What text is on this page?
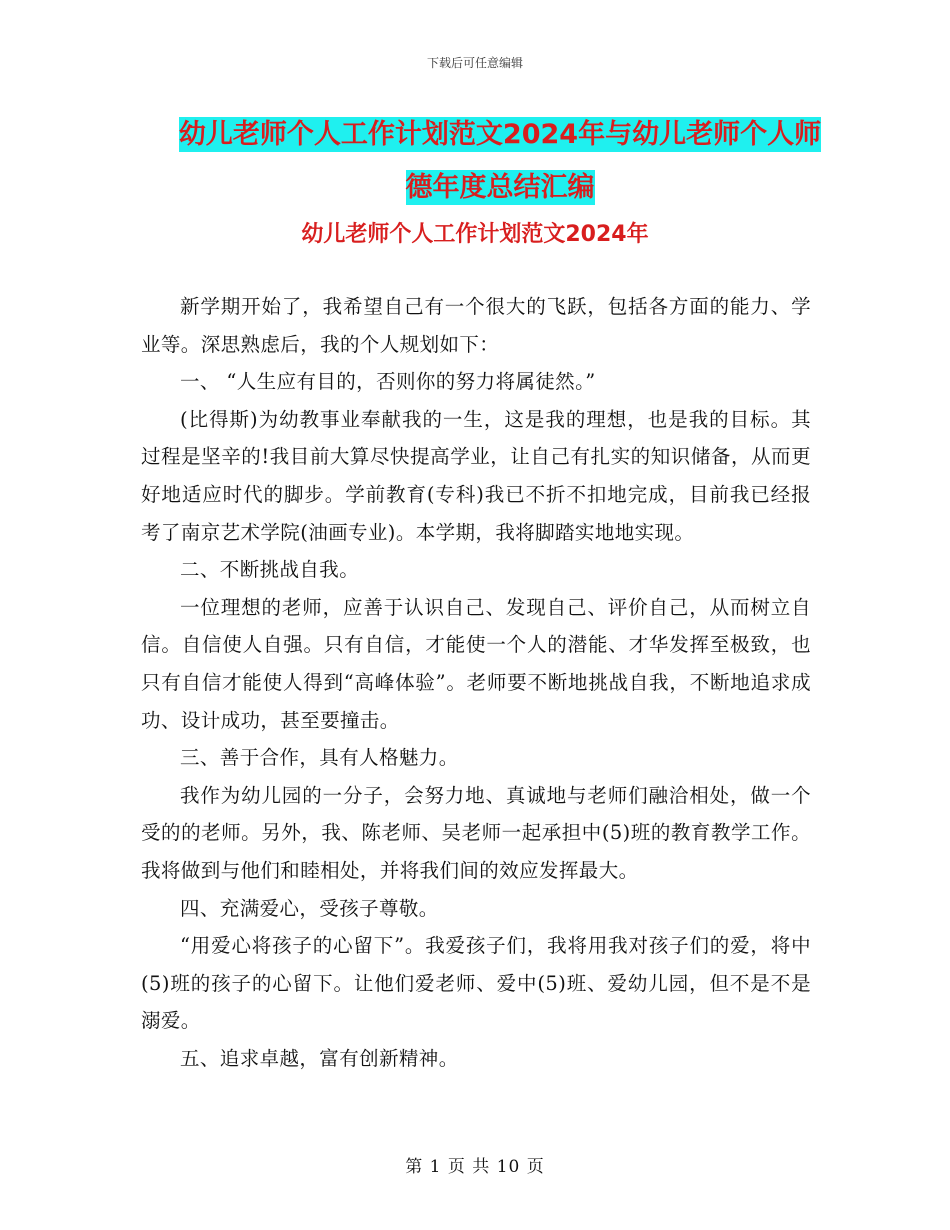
下载后可任意编辑
幼儿老师个人工作计划范文2024年与幼儿老师个人师
德年度总结汇编
幼儿老师个人工作计划范文2024年

新学期开始了，我希望自己有一个很大的飞跃，包括各方面的能力、学业等。深思熟虑后，我的个人规划如下：

一、 “人生应有目的，否则你的努力将属徒然。”

(比得斯)为幼教事业奉献我的一生，这是我的理想，也是我的目标。其过程是坚辛的!我目前大算尽快提高学业，让自己有扎实的知识储备，从而更好地适应时代的脚步。学前教育(专科)我已不折不扣地完成，目前我已经报考了南京艺术学院(油画专业)。本学期，我将脚踏实地地实现。

二、不断挑战自我。

一位理想的老师，应善于认识自己、发现自己、评价自己，从而树立自信。自信使人自强。只有自信，才能使一个人的潜能、才华发挥至极致，也只有自信才能使人得到“高峰体验”。老师要不断地挑战自我，不断地追求成功、设计成功，甚至要撞击。

三、善于合作，具有人格魅力。

我作为幼儿园的一分子，会努力地、真诚地与老师们融洽相处，做一个受的的老师。另外，我、陈老师、吴老师一起承担中(5)班的教育教学工作。我将做到与他们和睦相处，并将我们间的效应发挥最大。

四、充满爱心，受孩子尊敬。

“用爱心将孩子的心留下”。我爱孩子们，我将用我对孩子们的爱，将中(5)班的孩子的心留下。让他们爱老师、爱中(5)班、爱幼儿园，但不是不是溺爱。

五、追求卓越，富有创新精神。

第 1 页 共 10 页
